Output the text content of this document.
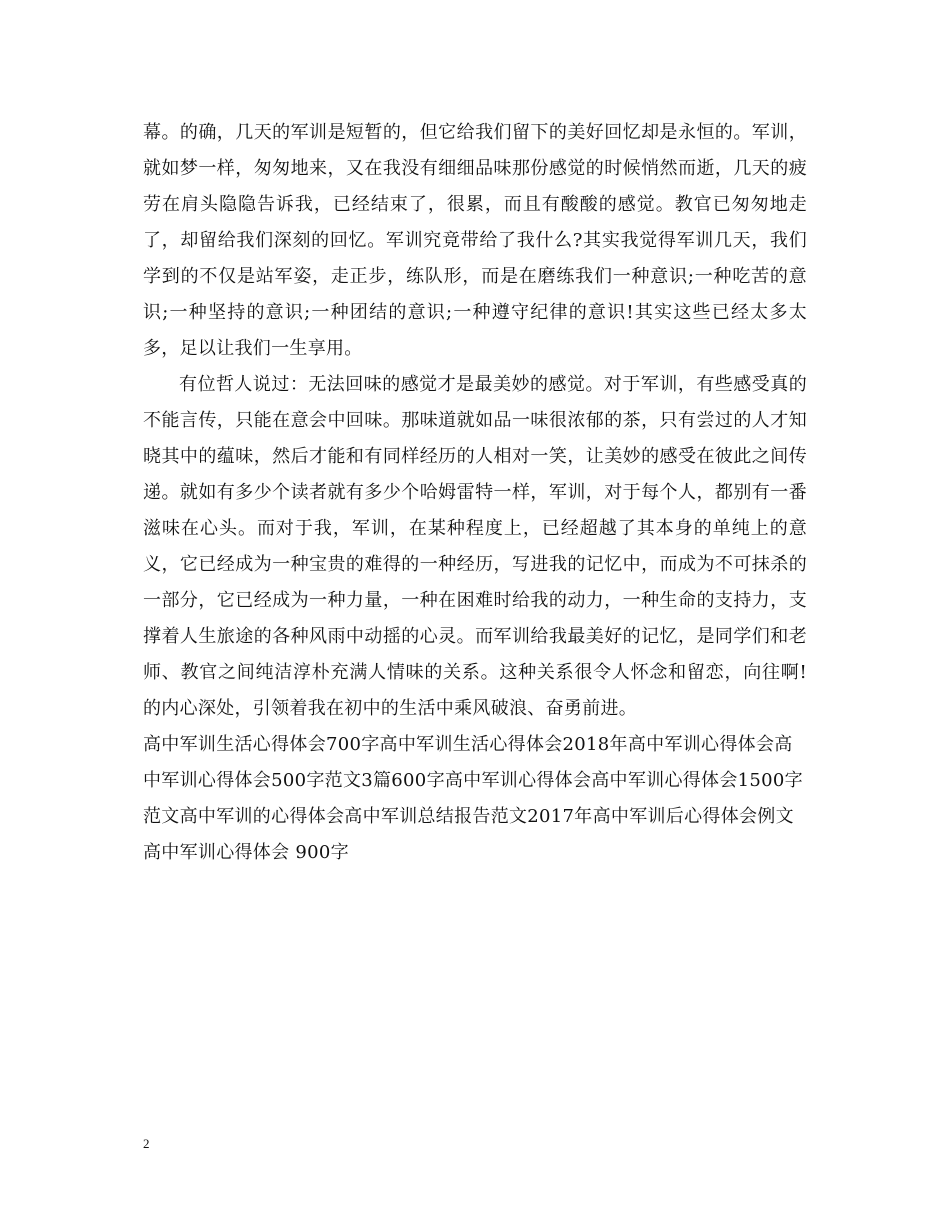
幕。的确，几天的军训是短暂的，但它给我们留下的美好回忆却是永恒的。军训，就如梦一样，匆匆地来，又在我没有细细品味那份感觉的时候悄然而逝，几天的疲劳在肩头隐隐告诉我，已经结束了，很累，而且有酸酸的感觉。教官已匆匆地走了，却留给我们深刻的回忆。军训究竟带给了我什么?其实我觉得军训几天，我们学到的不仅是站军姿，走正步，练队形，而是在磨练我们一种意识;一种吃苦的意识;一种坚持的意识;一种团结的意识;一种遵守纪律的意识!其实这些已经太多太多，足以让我们一生享用。

有位哲人说过：无法回味的感觉才是最美妙的感觉。对于军训，有些感受真的不能言传，只能在意会中回味。那味道就如品一味很浓郁的茶，只有尝过的人才知晓其中的蕴味，然后才能和有同样经历的人相对一笑，让美妙的感受在彼此之间传递。就如有多少个读者就有多少个哈姆雷特一样，军训，对于每个人，都别有一番滋味在心头。而对于我，军训，在某种程度上，已经超越了其本身的单纯上的意义，它已经成为一种宝贵的难得的一种经历，写进我的记忆中，而成为不可抹杀的一部分，它已经成为一种力量，一种在困难时给我的动力，一种生命的支持力，支撑着人生旅途的各种风雨中动摇的心灵。而军训给我最美好的记忆，是同学们和老师、教官之间纯洁淳朴充满人情味的关系。这种关系很令人怀念和留恋，向往啊!的内心深处，引领着我在初中的生活中乘风破浪、奋勇前进。

高中军训生活心得体会700字高中军训生活心得体会2018年高中军训心得体会高中军训心得体会500字范文3篇600字高中军训心得体会高中军训心得体会1500字范文高中军训的心得体会高中军训总结报告范文2017年高中军训后心得体会例文高中军训心得体会 900字

2
